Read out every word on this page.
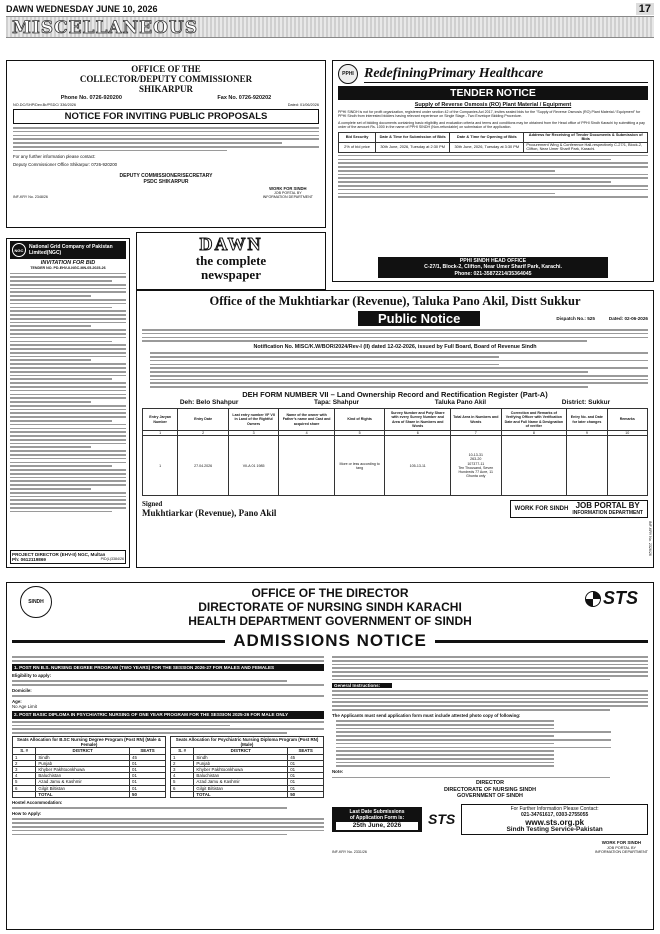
DAWN WEDNESDAY JUNE 10, 2026	17
MISCELLANEOUS
OFFICE OF THE
COLLECTOR/DEPUTY COMMISSIONER
SHIKARPUR
Phone No. 0726-920200	Fax No. 0726-920202
NO.DC/SHP/Dev.Br/PSDC/ 336/2026	Dated: 01/06/2026
NOTICE FOR INVITING PUBLIC PROPOSALS
For any further information please contact:
Deputy Commissioner Office Shikarpur: 0726-920200
DEPUTY COMMISSIONER/SECRETARY
PSDC SHIKARPUR
INF-KRY No. 2348/26
WORK FOR SINDH
JOB PORTAL BY
INFORMATION DEPARTMENT
PPHI RedefiningPrimary Healthcare
TENDER NOTICE
Supply of Reverse Osmosis (RO) Plant Material / Equipment
PPHI SINDH is not for profit organization, registered under section 42 of the Companies Act 2017, invites sealed bids for the "Supply of Reverse Osmosis (RO) Plant Material / Equipment" for PPHI Sindh from interested bidders having relevant experience on Single Stage - Two Envelope Bidding Procedure.
A complete set of bidding documents containing basic eligibility and evaluation criteria and terms and conditions may be obtained from the Head office of PPHI Sindh Karachi by submitting a pay order of the amount Rs. 1000 in the name of PPHI SINDH (Non-refundable) on submission of the application.
Bid Security	Date & Time for Submission of Bids	Date & Time for Opening of Bids	Address for Receiving of Tender Documents & Submission of Bids
2% of bid price	30th June, 2026, Tuesday at 2:30 PM	30th June, 2026, Tuesday at 3:30 PM	Procurement Wing & Conference Hall-respectively C-27/1, Block-2, Clifton, Near Umer Sharif Park, Karachi.
PPHI SINDH HEAD OFFICE
C-27/1, Block-2, Clifton, Near Umer Sharif Park, Karachi.
Phone: 021-35872214/35364045
NGC	National Grid Company of Pakistan
Limited(NGC)
INVITATION FOR BID
TENDER NO. PD-EHV-II-NGC-MN-05-2025-26
PROJECT DIRECTOR (EHV-II) NGC, Multan
Ph: 0612119869	PID(L)3384/26
DAWN
the complete
newspaper
Office of the Mukhtiarkar (Revenue), Taluka Pano Akil, Distt Sukkur
Public Notice	Dispatch No.: 525	Dated: 02-06-2026
Notification No. MISC/K.W/BOR/2024/Rev-I (II) dated 12-02-2026, issued by Full Board, Board of Revenue Sindh
DEH FORM NUMBER VII – Land Ownership Record and Rectification Register (Part-A)
Deh: Belo Shahpur	Tapa: Shahpur	Taluka Pano Akil	District: Sukkur
Entry Jaryan Number	Entry Date	Last entry number VF VII in Land of the Rightful Owners	Name of the owner with Father's name and Cast and acquired share	Kind of Rights	Survey Number and Poty Share with every Survey Number and Area of Share in Numbers and Words	Total Area in Numbers and Words	Correction and Remarks of Verifying Officer with Verification Date and Full Name & Designation of verifier	Entry No. and Date for later changes	Remarks
1	2	3	4	5	6	7	8	9	10
1	27.04.2026	VII-A 01 1985		More or less according to tang	105-13-11	10-13-31
263-20
107377-11
Ten Thousand, Seven Hundreds 77 Acre, 11 Ghunta only			
Signed
Mukhtiarkar (Revenue), Pano Akil	WORK FOR SINDH JOB PORTAL BY
INFORMATION DEPARTMENT
INF-KRY No. 2326/26
SINDH
OFFICE OF THE DIRECTOR
DIRECTORATE OF NURSING SINDH KARACHI
HEALTH DEPARTMENT GOVERNMENT OF SINDH
STS
ADMISSIONS NOTICE
1. POST RN B.S. NURSING DEGREE PROGRAM (TWO YEARS) FOR THE SESSION 2026-27 FOR MALES AND FEMALES
Eligibility to apply:
Domicile:
Age:
No Age Limit
2. POST BASIC DIPLOMA IN PSYCHIATRIC NURSING OF ONE YEAR PROGRAM FOR THE SESSION 2025-26 FOR MALE ONLY
Seats Allocation for B.SC Nursing Degree Program (Post RN) (Male & Female)		
S. #	DISTRICT	SEATS
1	Sindh	45
2	Punjab	01
3	Khyber Pakhtoonkhuwa	01
4	Baluchistan	01
5	Azad Jamu & Kashmir	01
6	Gilgit Biltistan	01
	TOTAL	50
Seats Allocation for Psychiatric Nursing Diploma Program (Post RN) (Male)		
S. #	DISTRICT	SEATS
1	Sindh	45
2	Punjab	01
3	Khyber Pakhtoonkhuwa	01
4	Baluchistan	01
5	Azad Jamu & Kashmir	01
6	Gilgit Biltistan	01
	TOTAL	50
Hostel Accommodation:
How to Apply:
General Instructions:
The Applicants must send application form must include attested photo copy of following:
Note:
DIRECTOR
DIRECTORATE OF NURSING SINDH
GOVERNMENT OF SINDH
Last Date Submissions
of Application Form is:
25th June, 2026	STS
For Further Information Please Contact:
021-34761617, 0303-2755055
www.sts.org.pk
Sindh Testing Service-Pakistan
INF-KRY No. 2331/26
WORK FOR SINDH
JOB PORTAL BY
INFORMATION DEPARTMENT
